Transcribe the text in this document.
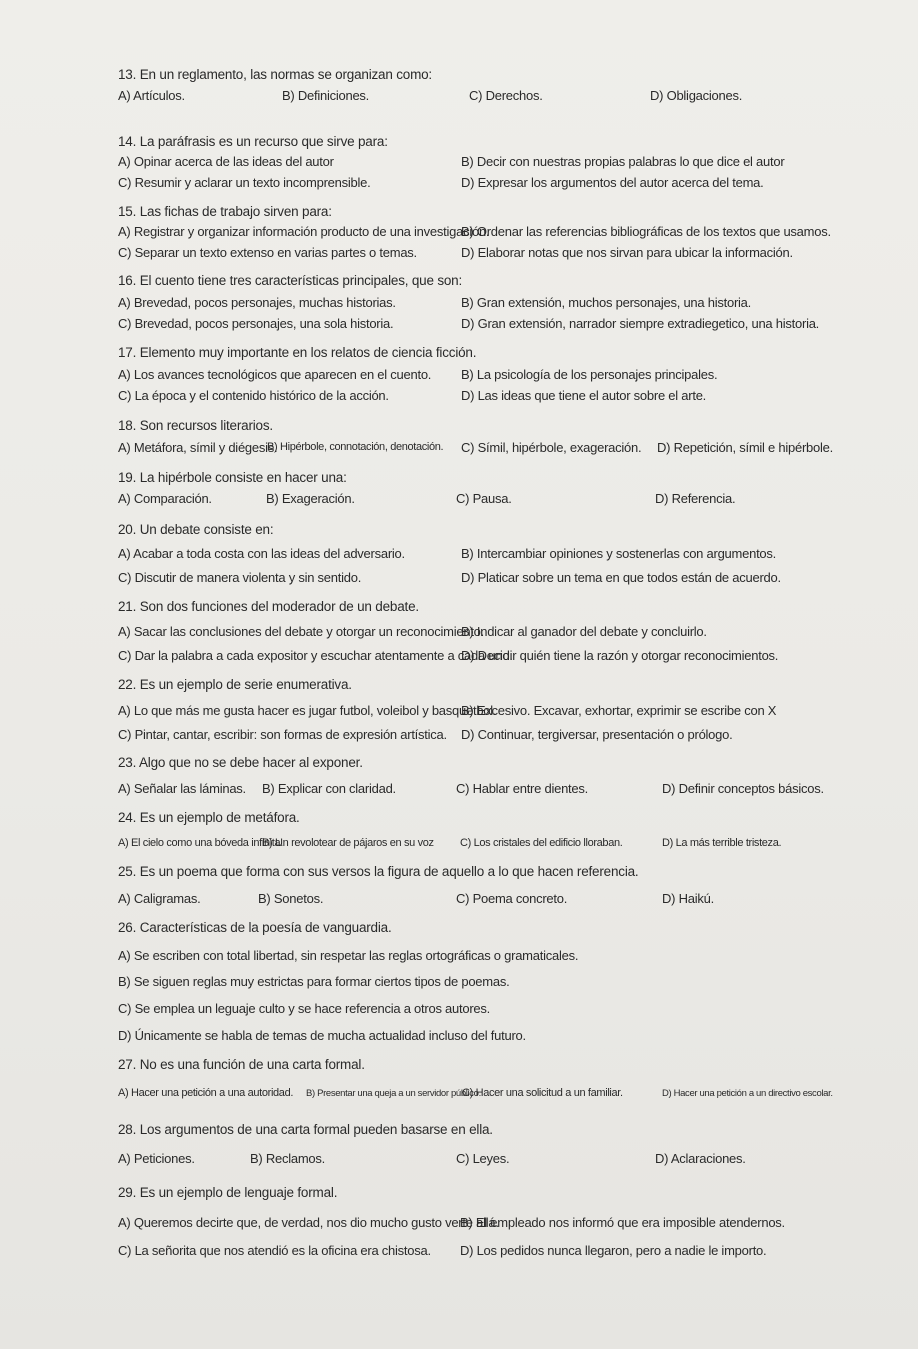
13. En un reglamento, las normas se organizan como:
A) Artículos.	B) Definiciones.	C) Derechos.	D) Obligaciones.
14. La paráfrasis es un recurso que sirve para:
A) Opinar acerca de las ideas del autor	B) Decir con nuestras propias palabras lo que dice el autor
C) Resumir y aclarar un texto incomprensible.	D) Expresar los argumentos del autor acerca del tema.
15. Las fichas de trabajo sirven para:
A) Registrar y organizar información producto de una investigación.
B) Ordenar las referencias bibliográficas de los textos que usamos.
C) Separar un texto extenso en varias partes o temas.	D) Elaborar notas que nos sirvan para ubicar la información.
16. El cuento tiene tres características principales, que son:
A) Brevedad, pocos personajes, muchas historias.	B) Gran extensión, muchos personajes, una historia.
C) Brevedad, pocos personajes, una sola historia.	D) Gran extensión, narrador siempre extradiegetico, una historia.
17. Elemento muy importante en los relatos de ciencia ficción.
A) Los avances tecnológicos que aparecen en el cuento. B) La psicología de los personajes principales.
C) La época y el contenido histórico de la acción.	D) Las ideas que tiene el autor sobre el arte.
18. Son recursos literarios.
A) Metáfora, símil y diégesis.
B) Hipérbole, connotación, denotación. C) Símil, hipérbole, exageración. D) Repetición, símil e hipérbole.
19. La hipérbole consiste en hacer una:
A) Comparación.	B) Exageración.	C) Pausa.	D) Referencia.
20. Un debate consiste en:
A) Acabar a toda costa con las ideas del adversario.	B) Intercambiar opiniones y sostenerlas con argumentos.
C) Discutir de manera violenta y sin sentido.	D) Platicar sobre un tema en que todos están de acuerdo.
21. Son dos funciones del moderador de un debate.
A) Sacar las conclusiones del debate y otorgar un reconocimiento.
B) Indicar al ganador del debate y concluirlo.
C) Dar la palabra a cada expositor y escuchar atentamente a cada uno.
D) Decidir quién tiene la razón y otorgar reconocimientos.
22. Es un ejemplo de serie enumerativa.
A) Lo que más me gusta hacer es jugar futbol, voleibol y basquetbol.
B) Excesivo. Excavar, exhortar, exprimir se escribe con X
C) Pintar, cantar, escribir: son formas de expresión artística. D) Continuar, tergiversar, presentación o prólogo.
23. Algo que no se debe hacer al exponer.
A) Señalar las láminas. B) Explicar con claridad.	C) Hablar entre dientes.	D) Definir conceptos básicos.
24. Es un ejemplo de metáfora.
A) El cielo como una bóveda infinita.
B) Un revolotear de pájaros en su voz C) Los cristales del edificio lloraban.	D) La más terrible tristeza.
25. Es un poema que forma con sus versos la figura de aquello a lo que hacen referencia.
A) Caligramas.	B) Sonetos.	C) Poema concreto.	D) Haikú.
26. Características de la poesía de vanguardia.
A) Se escriben con total libertad, sin respetar las reglas ortográficas o gramaticales.
B) Se siguen reglas muy estrictas para formar ciertos tipos de poemas.
C) Se emplea un leguaje culto y se hace referencia a otros autores.
D) Únicamente se habla de temas de mucha actualidad incluso del futuro.
27. No es una función de una carta formal.
A) Hacer una petición a una autoridad. B) Presentar una queja a un servidor público.
C) Hacer una solicitud a un familiar.	D) Hacer una petición a un directivo escolar.
28. Los argumentos de una carta formal pueden basarse en ella.
A) Peticiones.	B) Reclamos.	C) Leyes.	D) Aclaraciones.
29. Es un ejemplo de lenguaje formal.
A) Queremos decirte que, de verdad, nos dio mucho gusto verte allá.
B) El empleado nos informó que era imposible atendernos.
C) La señorita que nos atendió es la oficina era chistosa. D) Los pedidos nunca llegaron, pero a nadie le importo.
